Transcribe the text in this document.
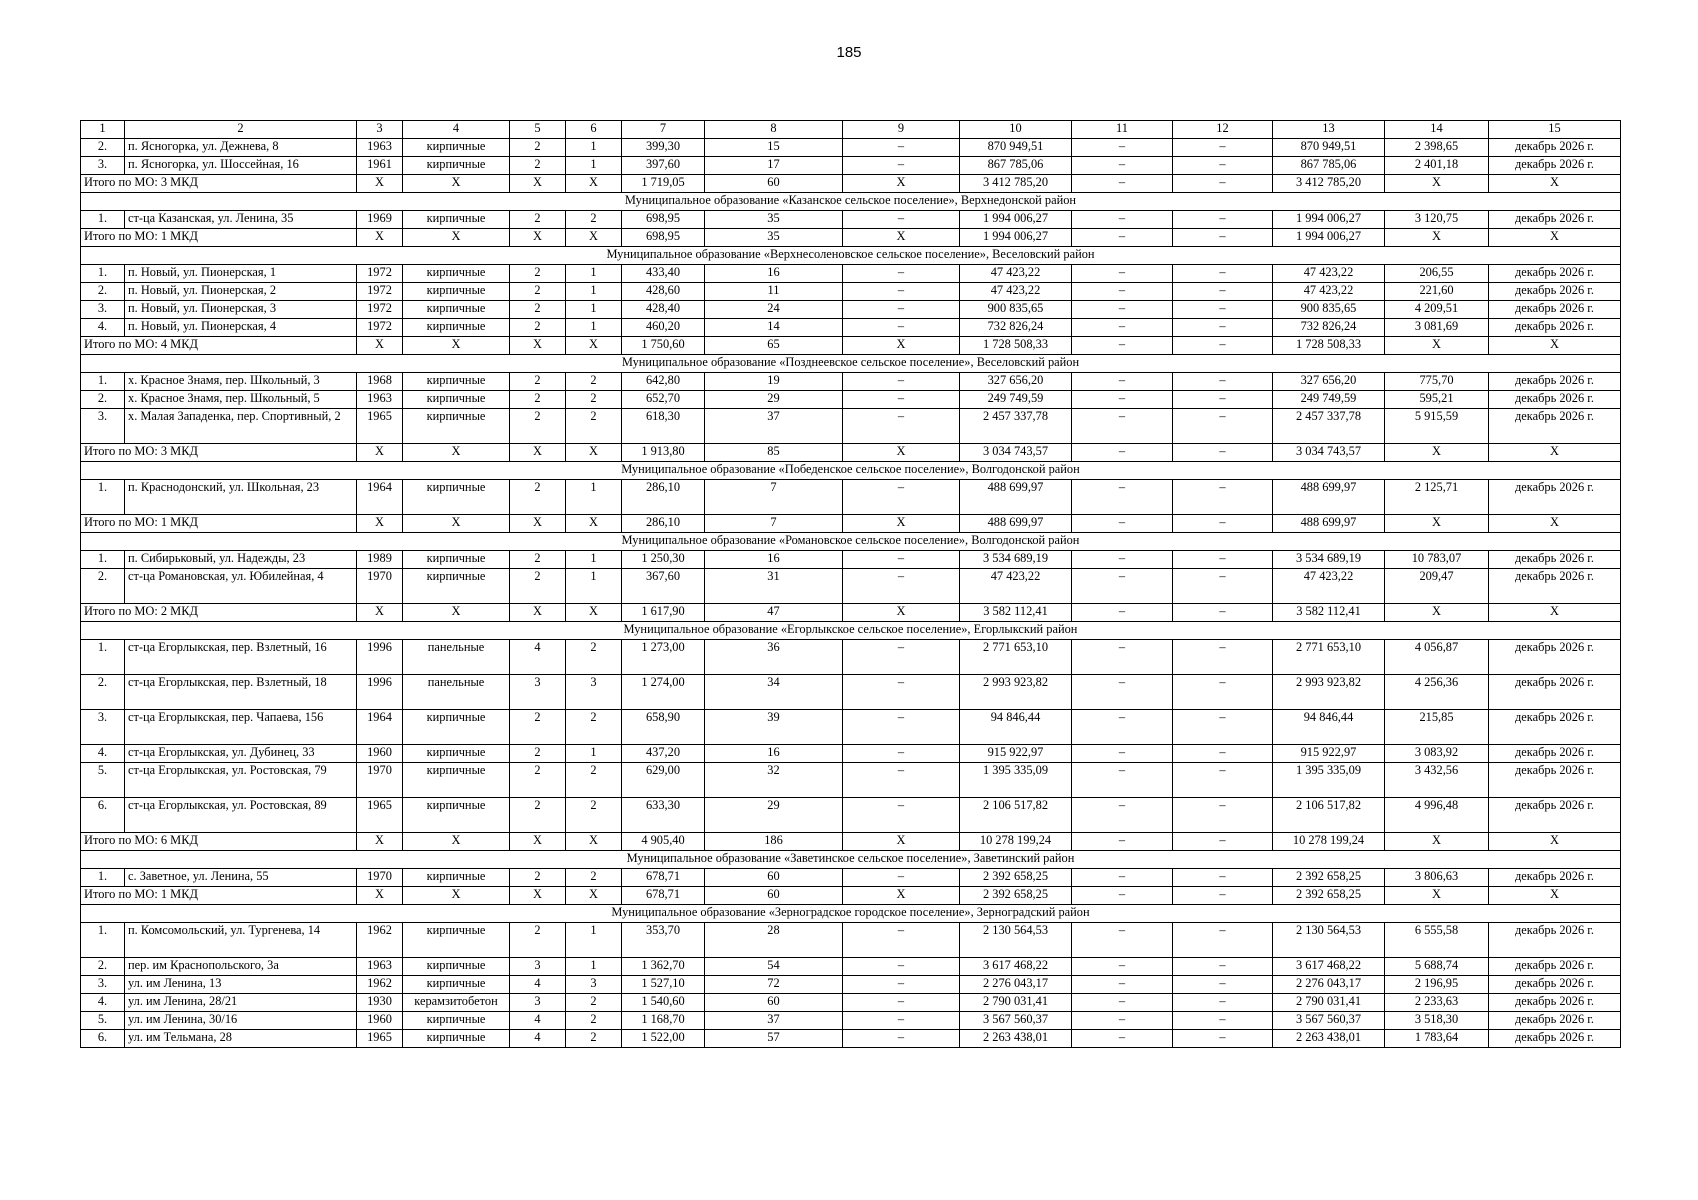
185
1	2	3	4	5	6	7	8	9	10	11	12	13	14	15
2.	п. Ясногорка, ул. Дежнева, 8	1963	кирпичные	2	1	399,30	15	–	870 949,51	–	–	870 949,51	2 398,65	декабрь 2026 г.
3.	п. Ясногорка, ул. Шоссейная, 16	1961	кирпичные	2	1	397,60	17	–	867 785,06	–	–	867 785,06	2 401,18	декабрь 2026 г.
Итого по МО: 3 МКД		X	X	X	X	1 719,05	60	X	3 412 785,20	–	–	3 412 785,20	X	X
Муниципальное образование «Казанское сельское поселение», Верхнедонской район														
1.	ст-ца Казанская, ул. Ленина, 35	1969	кирпичные	2	2	698,95	35	–	1 994 006,27	–	–	1 994 006,27	3 120,75	декабрь 2026 г.
Итого по МО: 1 МКД		X	X	X	X	698,95	35	X	1 994 006,27	–	–	1 994 006,27	X	X
Муниципальное образование «Верхнесоленовское сельское поселение», Веселовский район														
1.	п. Новый, ул. Пионерская, 1	1972	кирпичные	2	1	433,40	16	–	47 423,22	–	–	47 423,22	206,55	декабрь 2026 г.
2.	п. Новый, ул. Пионерская, 2	1972	кирпичные	2	1	428,60	11	–	47 423,22	–	–	47 423,22	221,60	декабрь 2026 г.
3.	п. Новый, ул. Пионерская, 3	1972	кирпичные	2	1	428,40	24	–	900 835,65	–	–	900 835,65	4 209,51	декабрь 2026 г.
4.	п. Новый, ул. Пионерская, 4	1972	кирпичные	2	1	460,20	14	–	732 826,24	–	–	732 826,24	3 081,69	декабрь 2026 г.
Итого по МО: 4 МКД		X	X	X	X	1 750,60	65	X	1 728 508,33	–	–	1 728 508,33	X	X
Муниципальное образование «Позднеевское сельское поселение», Веселовский район														
1.	х. Красное Знамя, пер. Школьный, 3	1968	кирпичные	2	2	642,80	19	–	327 656,20	–	–	327 656,20	775,70	декабрь 2026 г.
2.	х. Красное Знамя, пер. Школьный, 5	1963	кирпичные	2	2	652,70	29	–	249 749,59	–	–	249 749,59	595,21	декабрь 2026 г.
3.	х. Малая Западенка, пер. Спортивный, 2	1965	кирпичные	2	2	618,30	37	–	2 457 337,78	–	–	2 457 337,78	5 915,59	декабрь 2026 г.
Итого по МО: 3 МКД		X	X	X	X	1 913,80	85	X	3 034 743,57	–	–	3 034 743,57	X	X
Муниципальное образование «Победенское сельское поселение», Волгодонской район														
1.	п. Краснодонский, ул. Школьная, 23	1964	кирпичные	2	1	286,10	7	–	488 699,97	–	–	488 699,97	2 125,71	декабрь 2026 г.
Итого по МО: 1 МКД		X	X	X	X	286,10	7	X	488 699,97	–	–	488 699,97	X	X
Муниципальное образование «Романовское сельское поселение», Волгодонской район														
1.	п. Сибирьковый, ул. Надежды, 23	1989	кирпичные	2	1	1 250,30	16	–	3 534 689,19	–	–	3 534 689,19	10 783,07	декабрь 2026 г.
2.	ст-ца Романовская, ул. Юбилейная, 4	1970	кирпичные	2	1	367,60	31	–	47 423,22	–	–	47 423,22	209,47	декабрь 2026 г.
Итого по МО: 2 МКД		X	X	X	X	1 617,90	47	X	3 582 112,41	–	–	3 582 112,41	X	X
Муниципальное образование «Егорлыкское сельское поселение», Егорлыкский район														
1.	ст-ца Егорлыкская, пер. Взлетный, 16	1996	панельные	4	2	1 273,00	36	–	2 771 653,10	–	–	2 771 653,10	4 056,87	декабрь 2026 г.
2.	ст-ца Егорлыкская, пер. Взлетный, 18	1996	панельные	3	3	1 274,00	34	–	2 993 923,82	–	–	2 993 923,82	4 256,36	декабрь 2026 г.
3.	ст-ца Егорлыкская, пер. Чапаева, 156	1964	кирпичные	2	2	658,90	39	–	94 846,44	–	–	94 846,44	215,85	декабрь 2026 г.
4.	ст-ца Егорлыкская, ул. Дубинец, 33	1960	кирпичные	2	1	437,20	16	–	915 922,97	–	–	915 922,97	3 083,92	декабрь 2026 г.
5.	ст-ца Егорлыкская, ул. Ростовская, 79	1970	кирпичные	2	2	629,00	32	–	1 395 335,09	–	–	1 395 335,09	3 432,56	декабрь 2026 г.
6.	ст-ца Егорлыкская, ул. Ростовская, 89	1965	кирпичные	2	2	633,30	29	–	2 106 517,82	–	–	2 106 517,82	4 996,48	декабрь 2026 г.
Итого по МО: 6 МКД		X	X	X	X	4 905,40	186	X	10 278 199,24	–	–	10 278 199,24	X	X
Муниципальное образование «Заветинское сельское поселение», Заветинский район														
1.	с. Заветное, ул. Ленина, 55	1970	кирпичные	2	2	678,71	60	–	2 392 658,25	–	–	2 392 658,25	3 806,63	декабрь 2026 г.
Итого по МО: 1 МКД		X	X	X	X	678,71	60	X	2 392 658,25	–	–	2 392 658,25	X	X
Муниципальное образование «Зерноградское городское поселение», Зерноградский район														
1.	п. Комсомольский, ул. Тургенева, 14	1962	кирпичные	2	1	353,70	28	–	2 130 564,53	–	–	2 130 564,53	6 555,58	декабрь 2026 г.
2.	пер. им Краснопольского, 3а	1963	кирпичные	3	1	1 362,70	54	–	3 617 468,22	–	–	3 617 468,22	5 688,74	декабрь 2026 г.
3.	ул. им Ленина, 13	1962	кирпичные	4	3	1 527,10	72	–	2 276 043,17	–	–	2 276 043,17	2 196,95	декабрь 2026 г.
4.	ул. им Ленина, 28/21	1930	керамзитобетон	3	2	1 540,60	60	–	2 790 031,41	–	–	2 790 031,41	2 233,63	декабрь 2026 г.
5.	ул. им Ленина, 30/16	1960	кирпичные	4	2	1 168,70	37	–	3 567 560,37	–	–	3 567 560,37	3 518,30	декабрь 2026 г.
6.	ул. им Тельмана, 28	1965	кирпичные	4	2	1 522,00	57	–	2 263 438,01	–	–	2 263 438,01	1 783,64	декабрь 2026 г.
